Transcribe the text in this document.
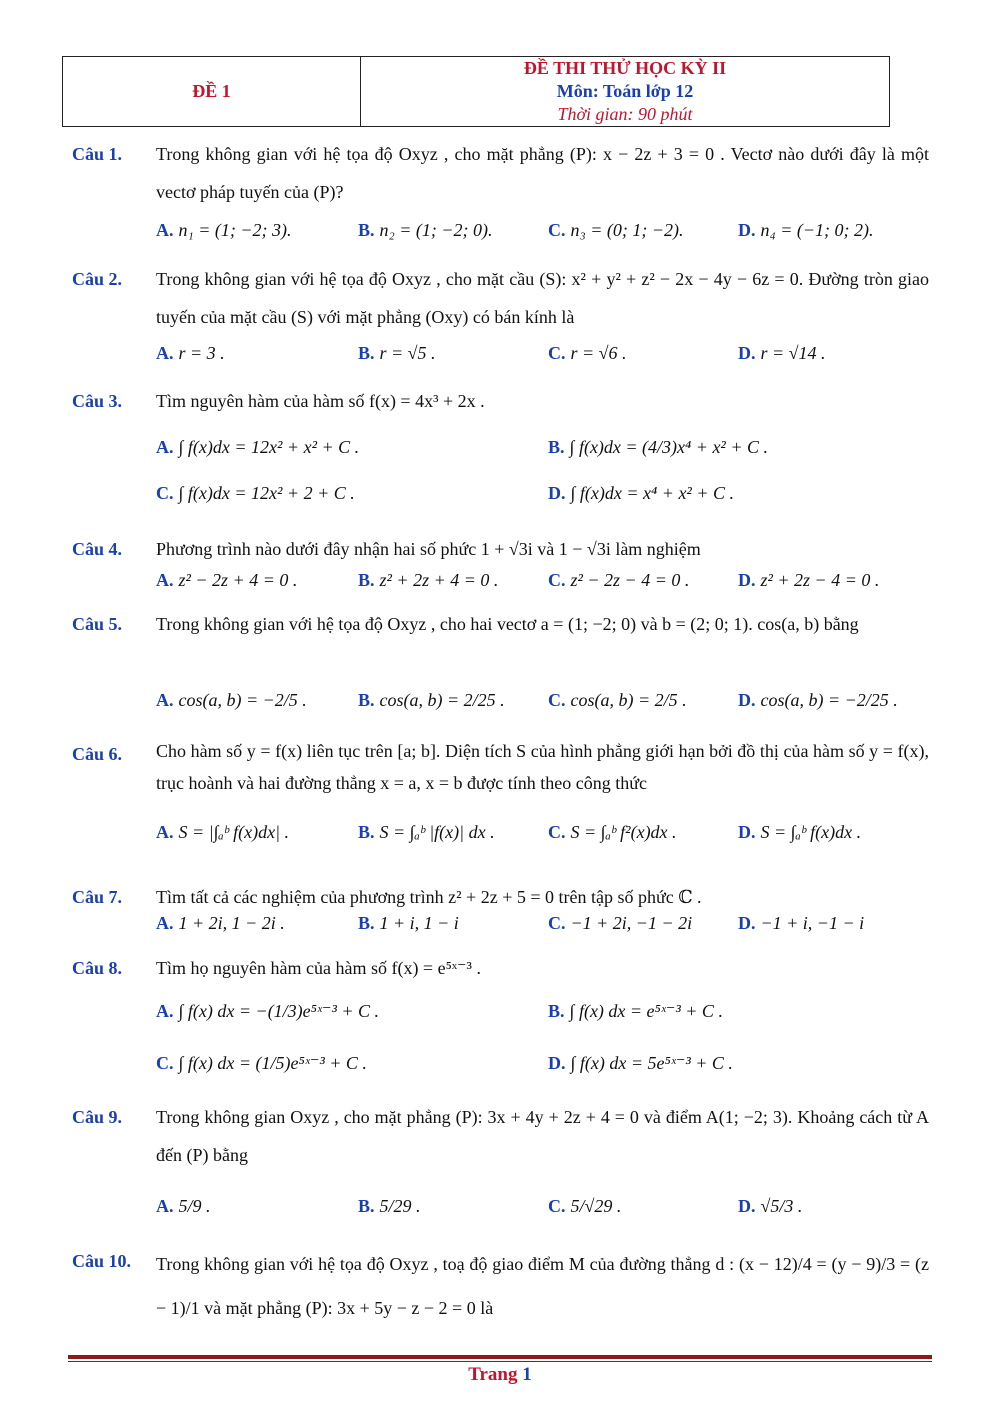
ĐỀ 1
ĐỀ THI THỬ HỌC KỲ II
Môn: Toán lớp 12
Thời gian: 90 phút
Câu 1. Trong không gian với hệ tọa độ Oxyz , cho mặt phẳng (P): x − 2z + 3 = 0 . Vectơ nào dưới đây là một vectơ pháp tuyến của (P)?
A. n₁ = (1; −2; 3).	B. n₂ = (1; −2; 0).	C. n₃ = (0; 1; −2).	D. n₄ = (−1; 0; 2).
Câu 2. Trong không gian với hệ tọa độ Oxyz , cho mặt cầu (S): x² + y² + z² − 2x − 4y − 6z = 0. Đường tròn giao tuyến của mặt cầu (S) với mặt phẳng (Oxy) có bán kính là
A. r = 3 .	B. r = √5 .	C. r = √6 .	D. r = √14 .
Câu 3. Tìm nguyên hàm của hàm số f(x) = 4x³ + 2x .
A. ∫ f(x)dx = 12x² + x² + C .	B. ∫ f(x)dx = (4/3)x⁴ + x² + C .
C. ∫ f(x)dx = 12x² + 2 + C .	D. ∫ f(x)dx = x⁴ + x² + C .
Câu 4. Phương trình nào dưới đây nhận hai số phức 1 + √3i và 1 − √3i làm nghiệm
A. z² − 2z + 4 = 0 .	B. z² + 2z + 4 = 0 .	C. z² − 2z − 4 = 0 .	D. z² + 2z − 4 = 0 .
Câu 5. Trong không gian với hệ tọa độ Oxyz , cho hai vectơ a = (1; −2; 0) và b = (2; 0; 1). cos(a, b) bằng
A. cos(a, b) = −2/5 .	B. cos(a, b) = 2/25 . C. cos(a, b) = 2/5 .	D. cos(a, b) = −2/25 .
Câu 6. Cho hàm số y = f(x) liên tục trên [a; b]. Diện tích S của hình phẳng giới hạn bởi đồ thị của hàm số y = f(x), trục hoành và hai đường thẳng x = a, x = b được tính theo công thức
A. S = |∫ₐᵇ f(x)dx| .	B. S = ∫ₐᵇ |f(x)| dx .	C. S = ∫ₐᵇ f²(x)dx .	D. S = ∫ₐᵇ f(x)dx .
Câu 7. Tìm tất cả các nghiệm của phương trình z² + 2z + 5 = 0 trên tập số phức ℂ .
A. 1 + 2i, 1 − 2i .	B. 1 + i, 1 − i	C. −1 + 2i, −1 − 2i	D. −1 + i, −1 − i
Câu 8. Tìm họ nguyên hàm của hàm số f(x) = e⁵ˣ⁻³ .
A. ∫ f(x) dx = −(1/3)e⁵ˣ⁻³ + C .	B. ∫ f(x) dx = e⁵ˣ⁻³ + C .
C. ∫ f(x) dx = (1/5)e⁵ˣ⁻³ + C .	D. ∫ f(x) dx = 5e⁵ˣ⁻³ + C .
Câu 9. Trong không gian Oxyz , cho mặt phẳng (P): 3x + 4y + 2z + 4 = 0 và điểm A(1; −2; 3). Khoảng cách từ A đến (P) bằng
A. 5/9 .	B. 5/29 .	C. 5/√29 .	D. √5/3 .
Câu 10. Trong không gian với hệ tọa độ Oxyz , toạ độ giao điểm M của đường thẳng d : (x − 12)/4 = (y − 9)/3 = (z − 1)/1 và mặt phẳng (P): 3x + 5y − z − 2 = 0 là
Trang 1
